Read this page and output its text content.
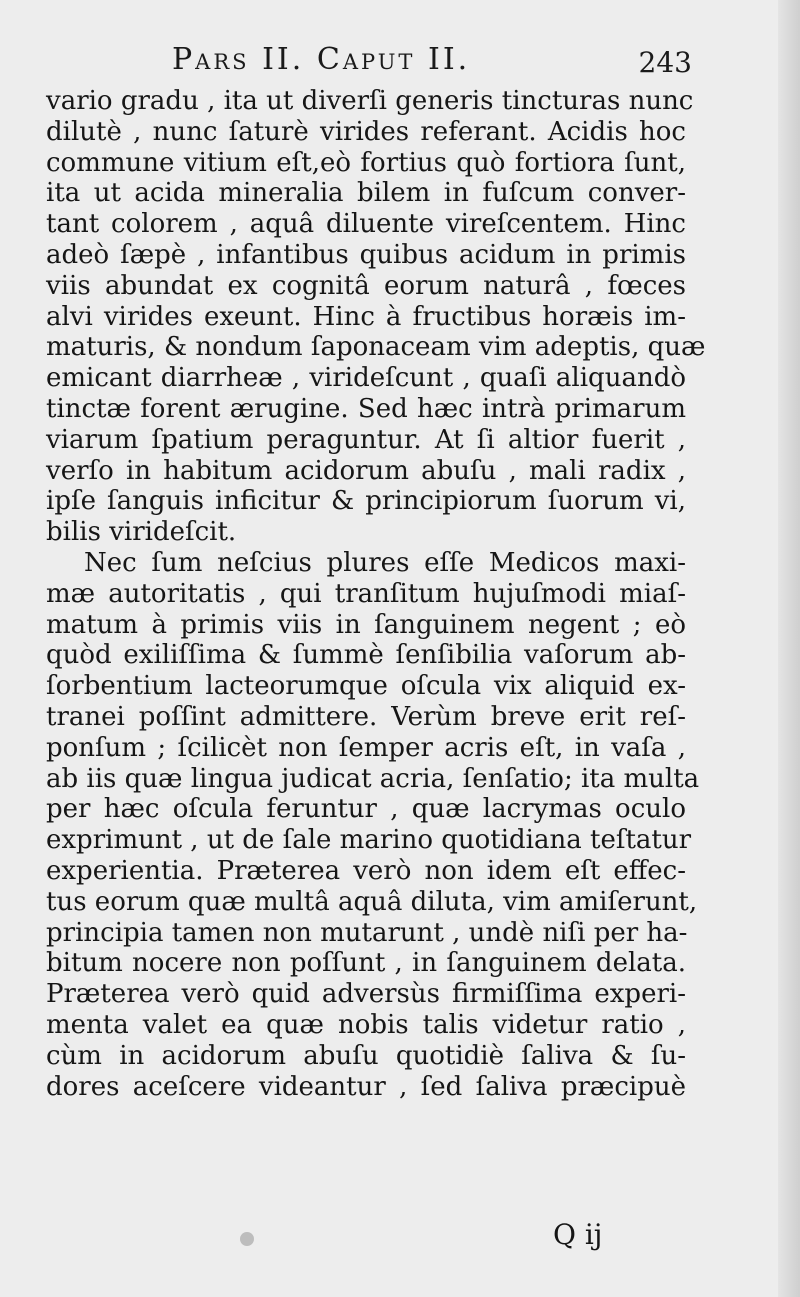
Pars II. Caput II.	243
vario gradu , ita ut diverſi generis tincturas nunc
dilutè , nunc ſaturè virides referant. Acidis hoc
commune vitium eſt,eò fortius quò fortiora ſunt,
ita ut acida mineralia bilem in fuſcum conver-
tant colorem , aquâ diluente vireſcentem. Hinc
adeò ſæpè , infantibus quibus acidum in primis
viis abundat ex cognitâ eorum naturâ , fœces
alvi virides exeunt. Hinc à fructibus horæis im-
maturis, & nondum ſaponaceam vim adeptis, quæ
emicant diarrheæ , virideſcunt , quaſi aliquandò
tinctæ forent ærugine. Sed hæc intrà primarum
viarum ſpatium peraguntur. At ſi altior fuerit ,
verſo in habitum acidorum abuſu , mali radix ,
ipſe ſanguis inficitur & principiorum ſuorum vi,
bilis virideſcit.
Nec ſum neſcius plures eſſe Medicos maxi-
mæ autoritatis , qui tranſitum hujuſmodi miaſ-
matum à primis viis in ſanguinem negent ; eò
quòd exiliſſima & ſummè ſenſibilia vaſorum ab-
ſorbentium lacteorumque oſcula vix aliquid ex-
tranei poſſint admittere. Verùm breve erit reſ-
ponſum ; ſcilicèt non ſemper acris eſt, in vaſa ,
ab iis quæ lingua judicat acria, ſenſatio; ita multa
per hæc oſcula feruntur , quæ lacrymas oculo
exprimunt , ut de ſale marino quotidiana teſtatur
experientia. Præterea verò non idem eſt effec-
tus eorum quæ multâ aquâ diluta, vim amiſerunt,
principia tamen non mutarunt , undè niſi per ha-
bitum nocere non poſſunt , in ſanguinem delata.
Præterea verò quid adversùs firmiſſima experi-
menta valet ea quæ nobis talis videtur ratio ,
cùm in acidorum abuſu quotidiè ſaliva & ſu-
dores aceſcere videantur , ſed ſaliva præcipuè
Q ij
